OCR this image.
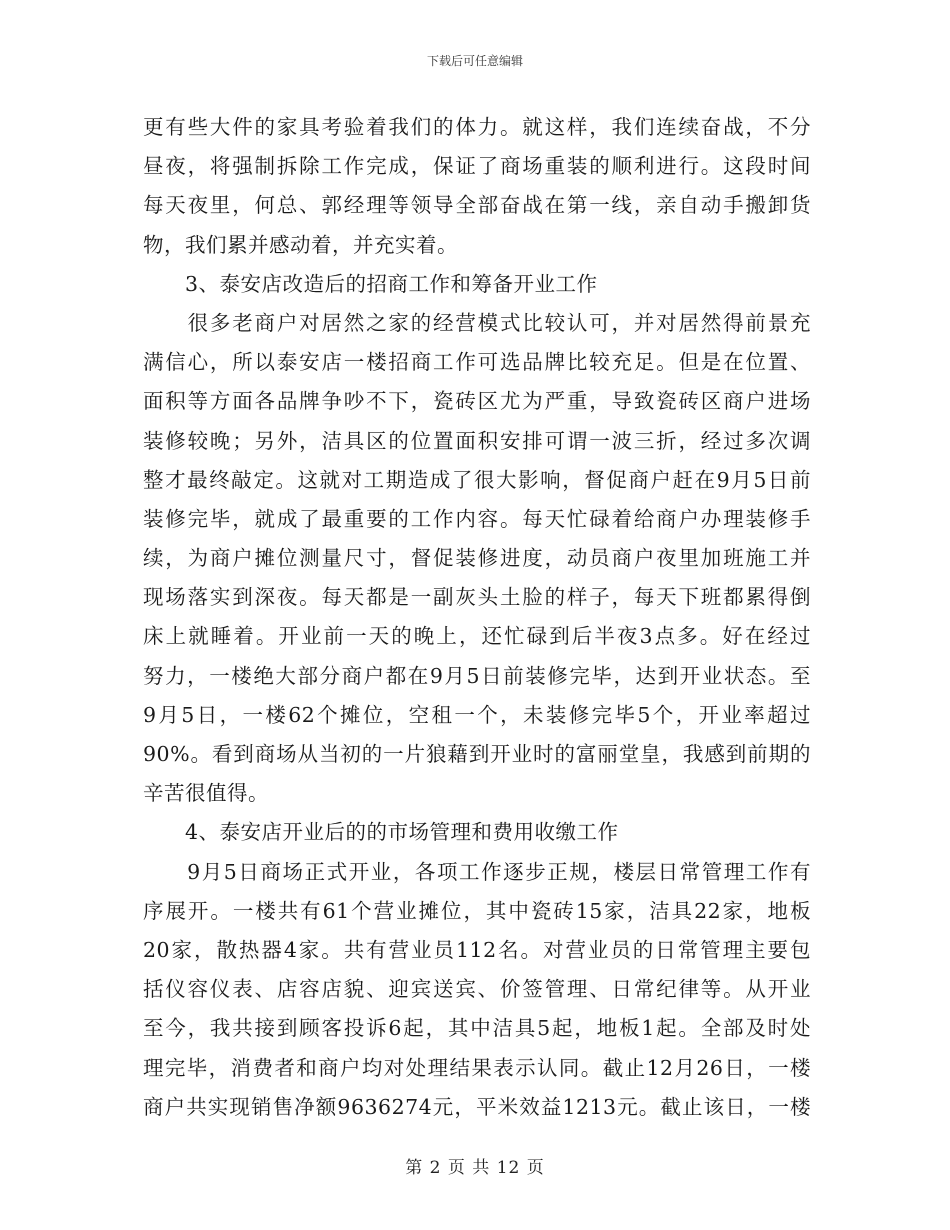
下载后可任意编辑
更有些大件的家具考验着我们的体力。就这样，我们连续奋战，不分
昼夜，将强制拆除工作完成，保证了商场重装的顺利进行。这段时间
每天夜里，何总、郭经理等领导全部奋战在第一线，亲自动手搬卸货
物，我们累并感动着，并充实着。
　　3、泰安店改造后的招商工作和筹备开业工作
　　很多老商户对居然之家的经营模式比较认可，并对居然得前景充
满信心，所以泰安店一楼招商工作可选品牌比较充足。但是在位置、
面积等方面各品牌争吵不下，瓷砖区尤为严重，导致瓷砖区商户进场
装修较晚；另外，洁具区的位置面积安排可谓一波三折，经过多次调
整才最终敲定。这就对工期造成了很大影响，督促商户赶在9月5日前
装修完毕，就成了最重要的工作内容。每天忙碌着给商户办理装修手
续，为商户摊位测量尺寸，督促装修进度，动员商户夜里加班施工并
现场落实到深夜。每天都是一副灰头土脸的样子，每天下班都累得倒
床上就睡着。开业前一天的晚上，还忙碌到后半夜3点多。好在经过
努力，一楼绝大部分商户都在9月5日前装修完毕，达到开业状态。至
9月5日，一楼62个摊位，空租一个，未装修完毕5个，开业率超过
90%。看到商场从当初的一片狼藉到开业时的富丽堂皇，我感到前期的
辛苦很值得。
　　4、泰安店开业后的的市场管理和费用收缴工作
　　9月5日商场正式开业，各项工作逐步正规，楼层日常管理工作有
序展开。一楼共有61个营业摊位，其中瓷砖15家，洁具22家，地板
20家，散热器4家。共有营业员112名。对营业员的日常管理主要包
括仪容仪表、店容店貌、迎宾送宾、价签管理、日常纪律等。从开业
至今，我共接到顾客投诉6起，其中洁具5起，地板1起。全部及时处
理完毕，消费者和商户均对处理结果表示认同。截止12月26日，一楼
商户共实现销售净额9636274元，平米效益1213元。截止该日，一楼
第 2 页 共 12 页
